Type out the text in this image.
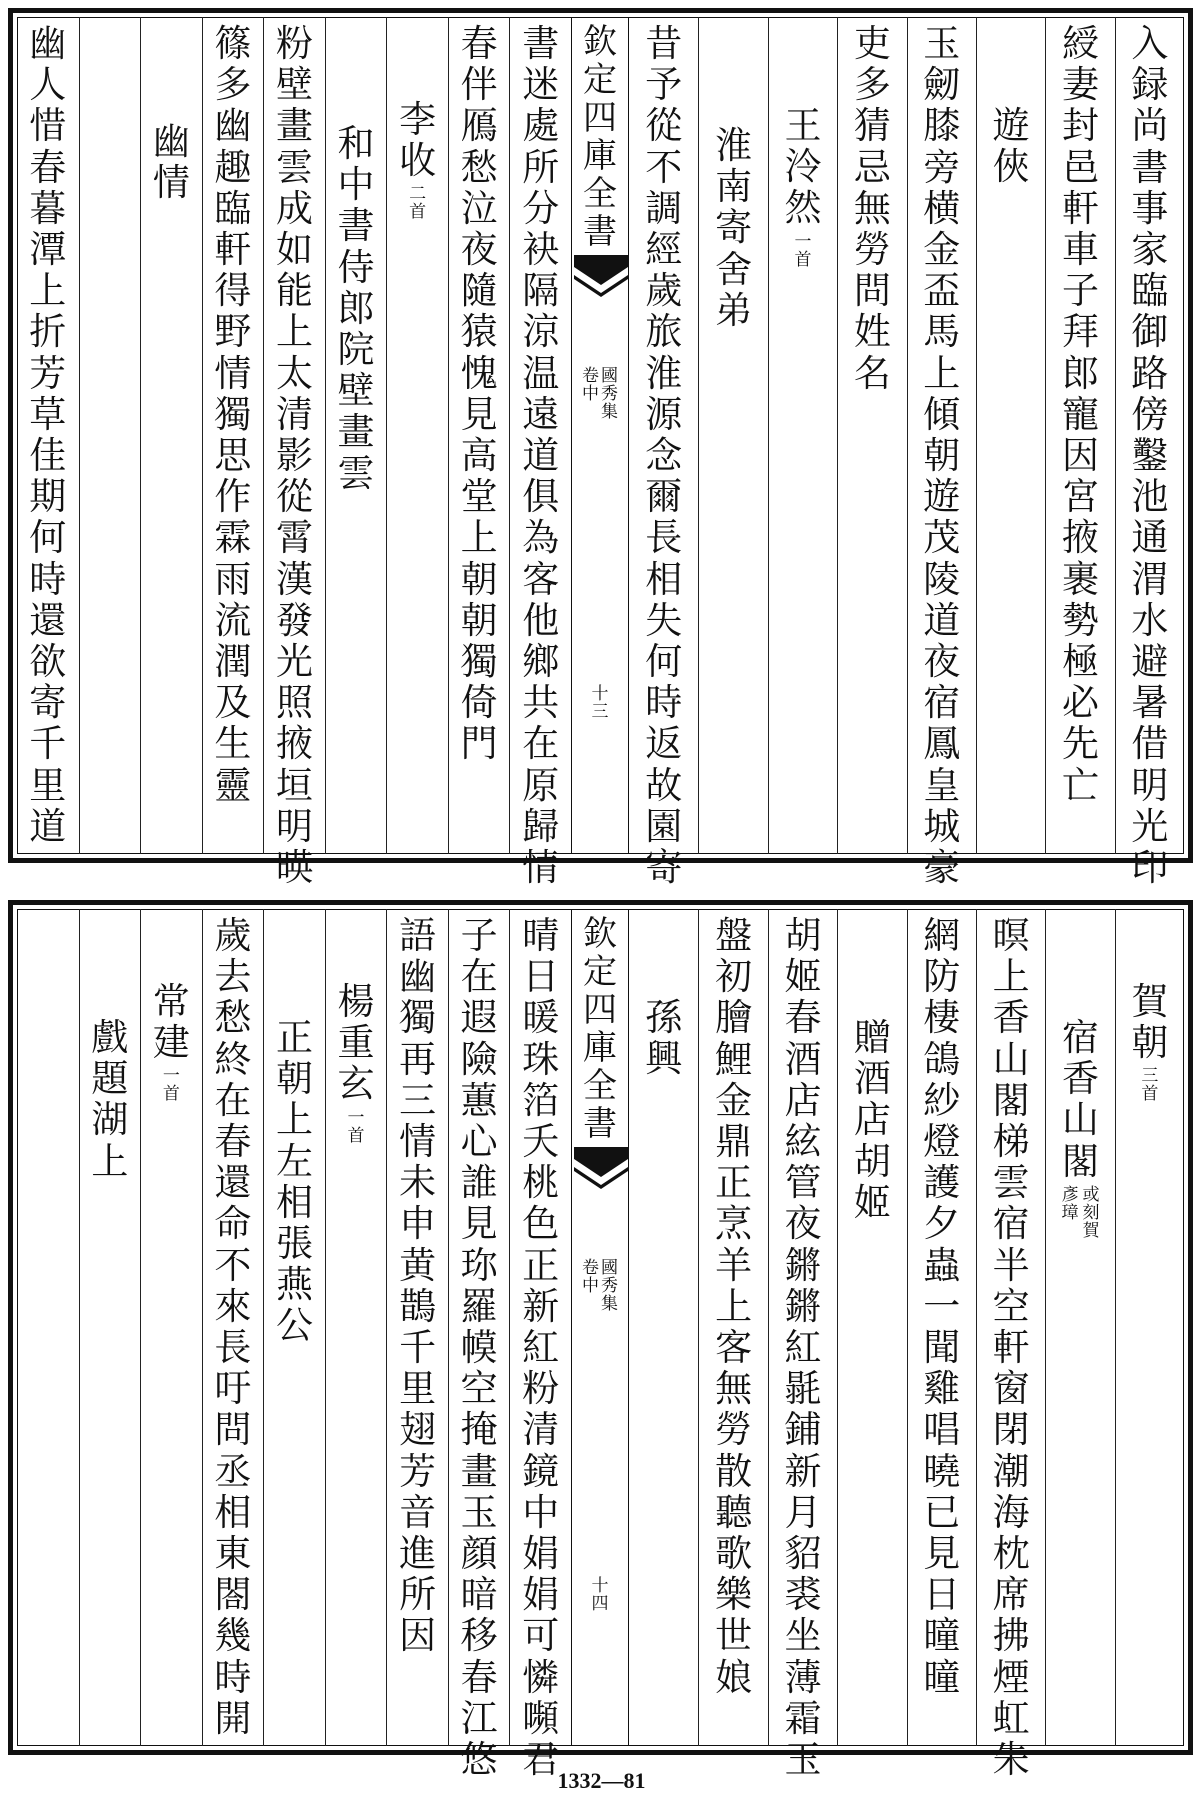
入
録
尚
書
事
家
臨
御
路
傍
鑿
池
通
渭
水
避
暑
借
明
光
印
綬
妻
封
邑
軒
車
子
拜
郎
寵
因
宮
掖
裹
勢
極
必
先
亡
遊
俠
玉
劒
膝
旁
横
金
盃
馬
上
傾
朝
遊
茂
陵
道
夜
宿
鳳
皇
城
豪
吏
多
猜
忌
無
勞
問
姓
名
王
泠
然
一
首
淮
南
寄
舍
弟
昔
予
從
不
調
經
歲
旅
淮
源
念
爾
長
相
失
何
時
返
故
園
寄
欽
定
四
庫
全
書
國
秀
集
卷
中
十
三
書
迷
處
所
分
袂
隔
涼
温
遠
道
俱
為
客
他
鄉
共
在
原
歸
情
春
伴
鴈
愁
泣
夜
隨
猿
愧
見
高
堂
上
朝
朝
獨
倚
門
李
收
二
首
和
中
書
侍
郎
院
壁
畫
雲
粉
壁
畫
雲
成
如
能
上
太
清
影
從
霄
漢
發
光
照
掖
垣
明
暎
篠
多
幽
趣
臨
軒
得
野
情
獨
思
作
霖
雨
流
潤
及
生
靈
幽
情
幽
人
惜
春
暮
潭
上
折
芳
草
佳
期
何
時
還
欲
寄
千
里
道
賀
朝
三
首
宿
香
山
閣
或
刻
賀
彥
璋
暝
上
香
山
閣
梯
雲
宿
半
空
軒
窗
閉
潮
海
枕
席
拂
煙
虹
朱
網
防
棲
鴿
紗
燈
護
夕
蟲
一
聞
雞
唱
曉
已
見
日
曈
曈
贈
酒
店
胡
姬
胡
姬
春
酒
店
絃
管
夜
鏘
鏘
紅
毾
鋪
新
月
貂
裘
坐
薄
霜
玉
盤
初
膾
鯉
金
鼎
正
烹
羊
上
客
無
勞
散
聽
歌
樂
世
娘
孫
興
欽
定
四
庫
全
書
國
秀
集
卷
中
十
四
晴
日
暖
珠
箔
夭
桃
色
正
新
紅
粉
清
鏡
中
娟
娟
可
憐
嚬
君
子
在
遐
險
蕙
心
誰
見
珎
羅
幙
空
掩
畫
玉
顔
暗
移
春
江
悠
語
幽
獨
再
三
情
未
申
黄
鵲
千
里
翅
芳
音
進
所
因
楊
重
玄
一
首
正
朝
上
左
相
張
燕
公
歲
去
愁
終
在
春
還
命
不
來
長
吁
問
丞
相
東
閤
幾
時
開
常
建
一
首
戲
題
湖
上
1332—81
